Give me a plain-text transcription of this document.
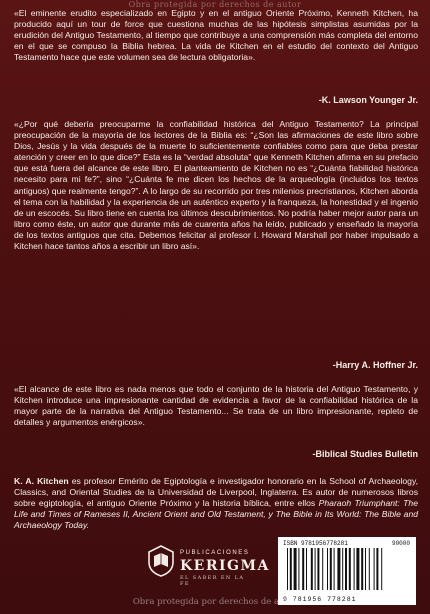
Obra protegida por derechos de autor

«El eminente erudito especializado en Egipto y en el antiguo Oriente Próximo, Kenneth Kitchen, ha producido aquí un tour de force que cuestiona muchas de las hipótesis simplistas asumidas por la erudición del Antiguo Testamento, al tiempo que contribuye a una comprensión más completa del entorno en el que se compuso la Biblia hebrea. La vida de Kitchen en el estudio del contexto del Antiguo Testamento hace que este volumen sea de lectura obligatoria».

-K. Lawson Younger Jr.

«¿Por qué debería preocuparme la confiabilidad histórica del Antiguo Testamento? La principal preocupación de la mayoría de los lectores de la Biblia es: “¿Son las afirmaciones de este libro sobre Dios, Jesús y la vida después de la muerte lo suficientemente confiables como para que deba prestar atención y creer en lo que dice?” Esta es la “verdad absoluta” que Kenneth Kitchen afirma en su prefacio que está fuera del alcance de este libro. El planteamiento de Kitchen no es “¿Cuánta fiabilidad histórica necesito para mi fe?”, sino “¿Cuánta fe me dicen los hechos de la arqueología (incluidos los textos antiguos) que realmente tengo?”. A lo largo de su recorrido por tres milenios precristianos, Kitchen aborda el tema con la habilidad y la experiencia de un auténtico experto y la franqueza, la honestidad y el ingenio de un escocés. Su libro tiene en cuenta los últimos descubrimientos. No podría haber mejor autor para un libro como éste, un autor que durante más de cuarenta años ha leído, publicado y enseñado la mayoría de los textos antiguos que cita. Debemos felicitar al profesor I. Howard Marshall por haber impulsado a Kitchen hace tantos años a escribir un libro así».

-Harry A. Hoffner Jr.

«El alcance de este libro es nada menos que todo el conjunto de la historia del Antiguo Testamento, y Kitchen introduce una impresionante cantidad de evidencia a favor de la confiabilidad histórica de la mayor parte de la narrativa del Antiguo Testamento... Se trata de un libro impresionante, repleto de detalles y argumentos enérgicos».

-Biblical Studies Bulletin

K. A. Kitchen es profesor Emérito de Egiptología e investigador honorario en la School of Archaeology, Classics, and Oriental Studies de la Universidad de Liverpool, Inglaterra. Es autor de numerosos libros sobre egiptología, el antiguo Oriente Próximo y la historia bíblica, entre ellos Pharaoh Triumphant: The Life and Times of Rameses II, Ancient Orient and Old Testament, y The Bible in Its World: The Bible and Archaeology Today.

PUBLICACIONES
KERIGMA
EL SABER EN LA FE
ISBN 9781956778281	90000
9 781956 778281
Obra protegida por derechos de autor
